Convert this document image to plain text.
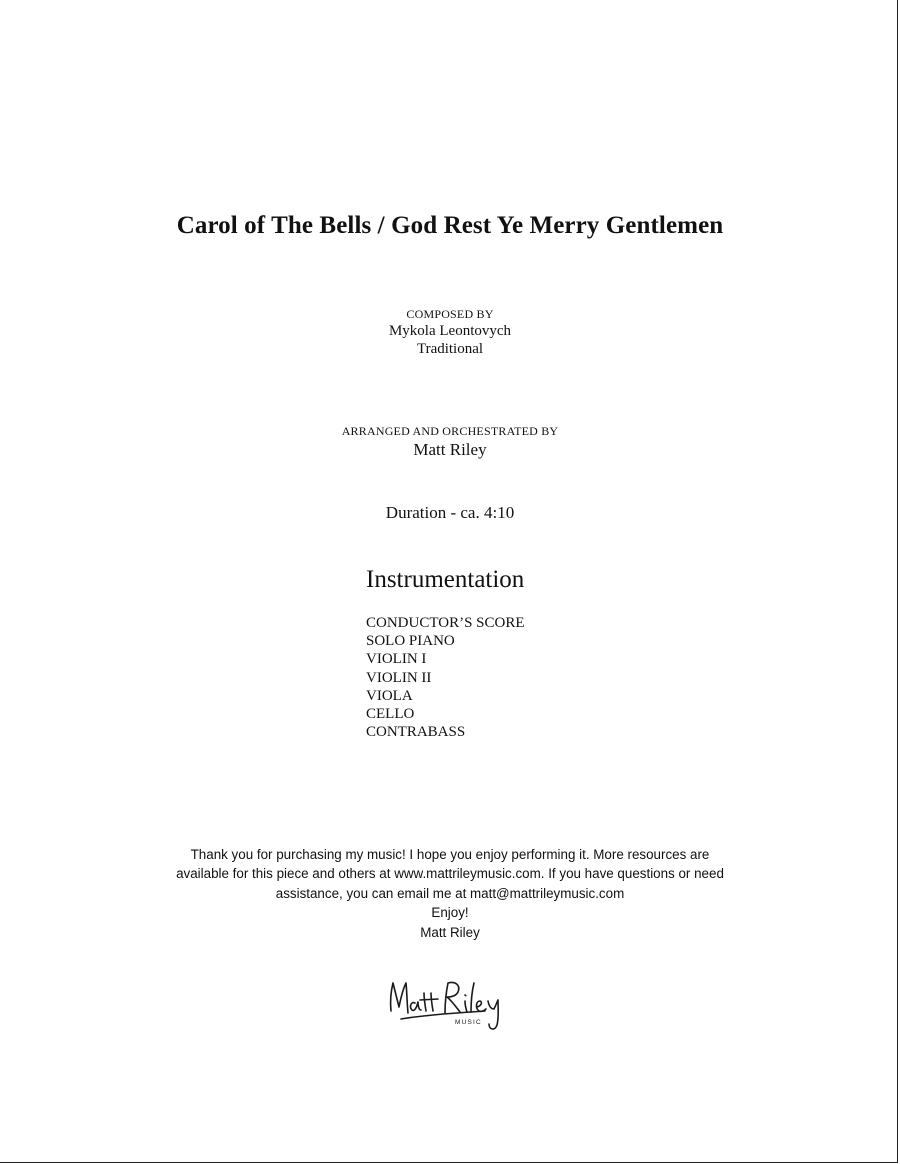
Carol of The Bells / God Rest Ye Merry Gentlemen
COMPOSED BY
Mykola Leontovych
Traditional
ARRANGED AND ORCHESTRATED BY
Matt Riley
Duration - ca. 4:10
Instrumentation
CONDUCTOR’S SCORE
SOLO PIANO
VIOLIN I
VIOLIN II
VIOLA
CELLO
CONTRABASS
Thank you for purchasing my music! I hope you enjoy performing it. More resources are
available for this piece and others at www.mattrileymusic.com. If you have questions or need
assistance, you can email me at matt@mattrileymusic.com
Enjoy!
Matt Riley
MUSIC
